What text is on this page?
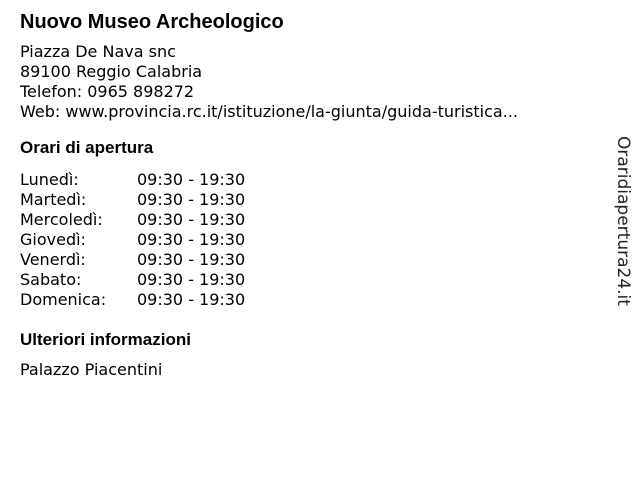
Nuovo Museo Archeologico
Piazza De Nava snc
89100 Reggio Calabria
Telefon: 0965 898272
Web: www.provincia.rc.it/istituzione/la-giunta/guida-turistica...
Orari di apertura
Lunedì:	09:30 - 19:30
Martedì:	09:30 - 19:30
Mercoledì:	09:30 - 19:30
Giovedì:	09:30 - 19:30
Venerdì:	09:30 - 19:30
Sabato:	09:30 - 19:30
Domenica:	09:30 - 19:30
Ulteriori informazioni
Palazzo Piacentini
Oraridiapertura24.it
